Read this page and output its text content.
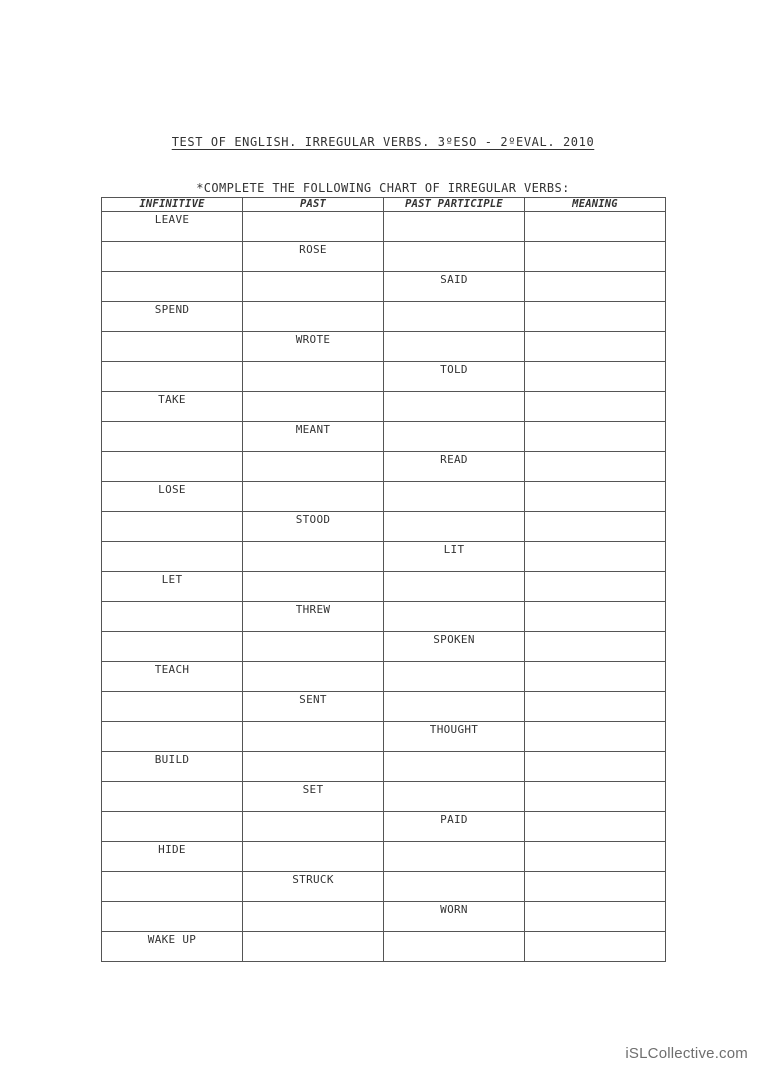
TEST OF ENGLISH. IRREGULAR VERBS. 3ºESO - 2ºEVAL. 2010
*COMPLETE THE FOLLOWING CHART OF IRREGULAR VERBS:
INFINITIVE	PAST	PAST PARTICIPLE	MEANING
LEAVE			
	ROSE		
		SAID	
SPEND			
	WROTE		
		TOLD	
TAKE			
	MEANT		
		READ	
LOSE			
	STOOD		
		LIT	
LET			
	THREW		
		SPOKEN	
TEACH			
	SENT		
		THOUGHT	
BUILD			
	SET		
		PAID	
HIDE			
	STRUCK		
		WORN	
WAKE UP			
iSLCollective.com
